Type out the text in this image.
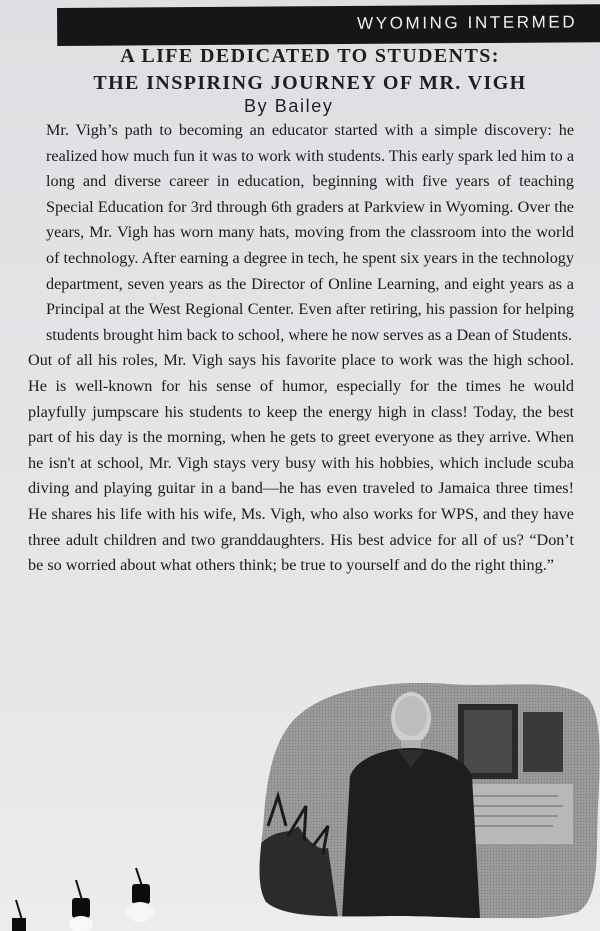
WYOMING INTERMED
A LIFE DEDICATED TO STUDENTS:
THE INSPIRING JOURNEY OF MR. VIGH
By Bailey

Mr. Vigh’s path to becoming an educator started with a simple discovery: he realized how much fun it was to work with students. This early spark led him to a long and diverse career in education, beginning with five years of teaching Special Education for 3rd through 6th graders at Parkview in Wyoming. Over the years, Mr. Vigh has worn many hats, moving from the classroom into the world of technology. After earning a degree in tech, he spent six years in the technology department, seven years as the Director of Online Learning, and eight years as a Principal at the West Regional Center. Even after retiring, his passion for helping students brought him back to school, where he now serves as a Dean of Students.

Out of all his roles, Mr. Vigh says his favorite place to work was the high school. He is well-known for his sense of humor, especially for the times he would playfully jumpscare his students to keep the energy high in class! Today, the best part of his day is the morning, when he gets to greet everyone as they arrive. When he isn't at school, Mr. Vigh stays very busy with his hobbies, which include scuba diving and playing guitar in a band—he has even traveled to Jamaica three times! He shares his life with his wife, Ms. Vigh, who also works for WPS, and they have three adult children and two granddaughters. His best advice for all of us? “Don’t be so worried about what others think; be true to yourself and do the right thing.”
